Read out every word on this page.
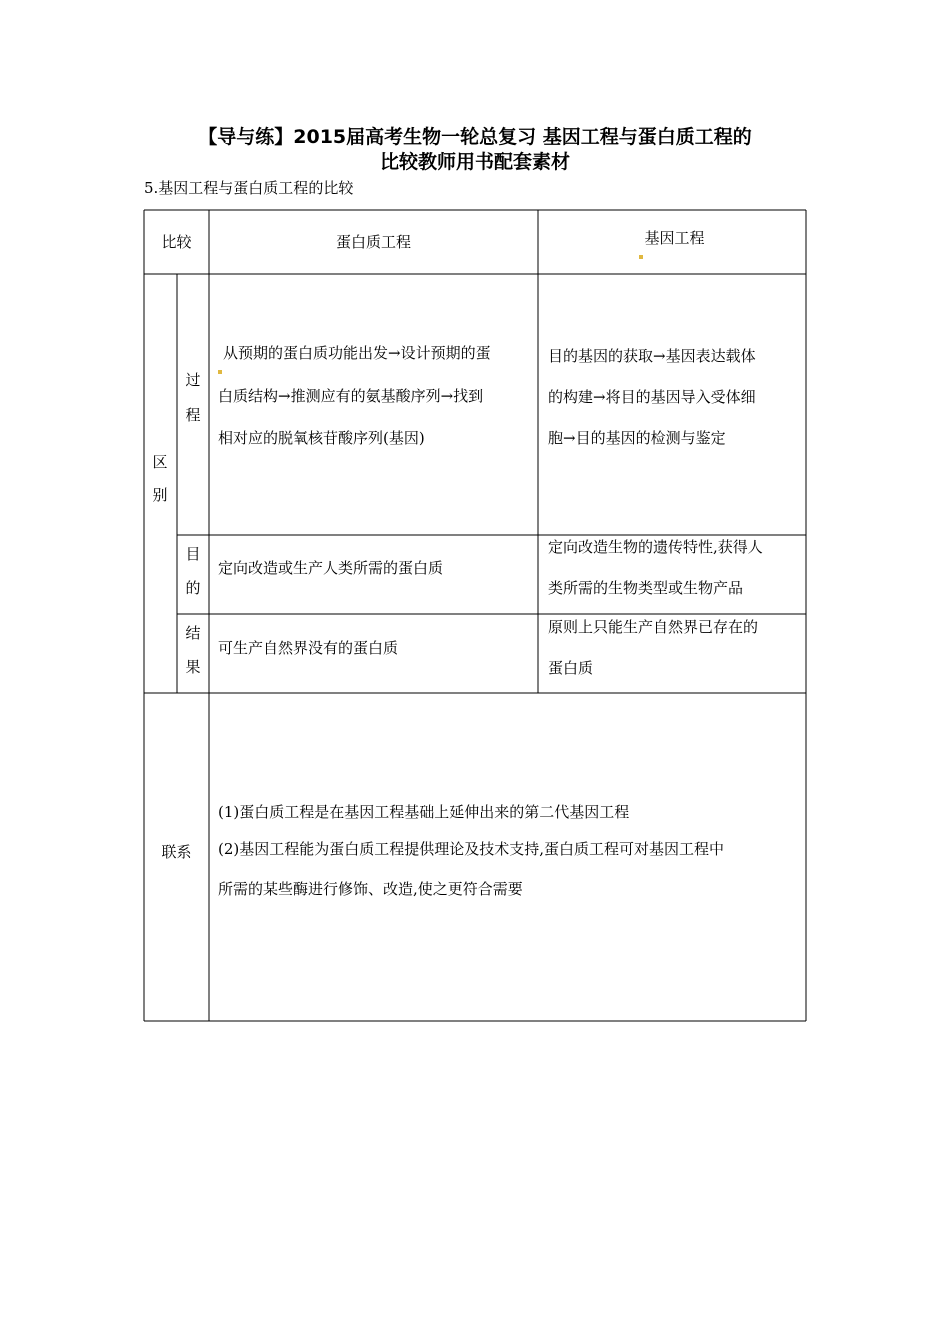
【导与练】2015届高考生物一轮总复习 基因工程与蛋白质工程的
比较教师用书配套素材
5.基因工程与蛋白质工程的比较
比较	蛋白质工程	基因工程
区
别
过
程
从预期的蛋白质功能出发→设计预期的蛋
白质结构→推测应有的氨基酸序列→找到
相对应的脱氧核苷酸序列(基因)
目的基因的获取→基因表达载体
的构建→将目的基因导入受体细
胞→目的基因的检测与鉴定
目
的
定向改造或生产人类所需的蛋白质
定向改造生物的遗传特性,获得人
类所需的生物类型或生物产品
结
果
可生产自然界没有的蛋白质
原则上只能生产自然界已存在的
蛋白质
联系
(1)蛋白质工程是在基因工程基础上延伸出来的第二代基因工程
(2)基因工程能为蛋白质工程提供理论及技术支持,蛋白质工程可对基因工程中
所需的某些酶进行修饰、改造,使之更符合需要
